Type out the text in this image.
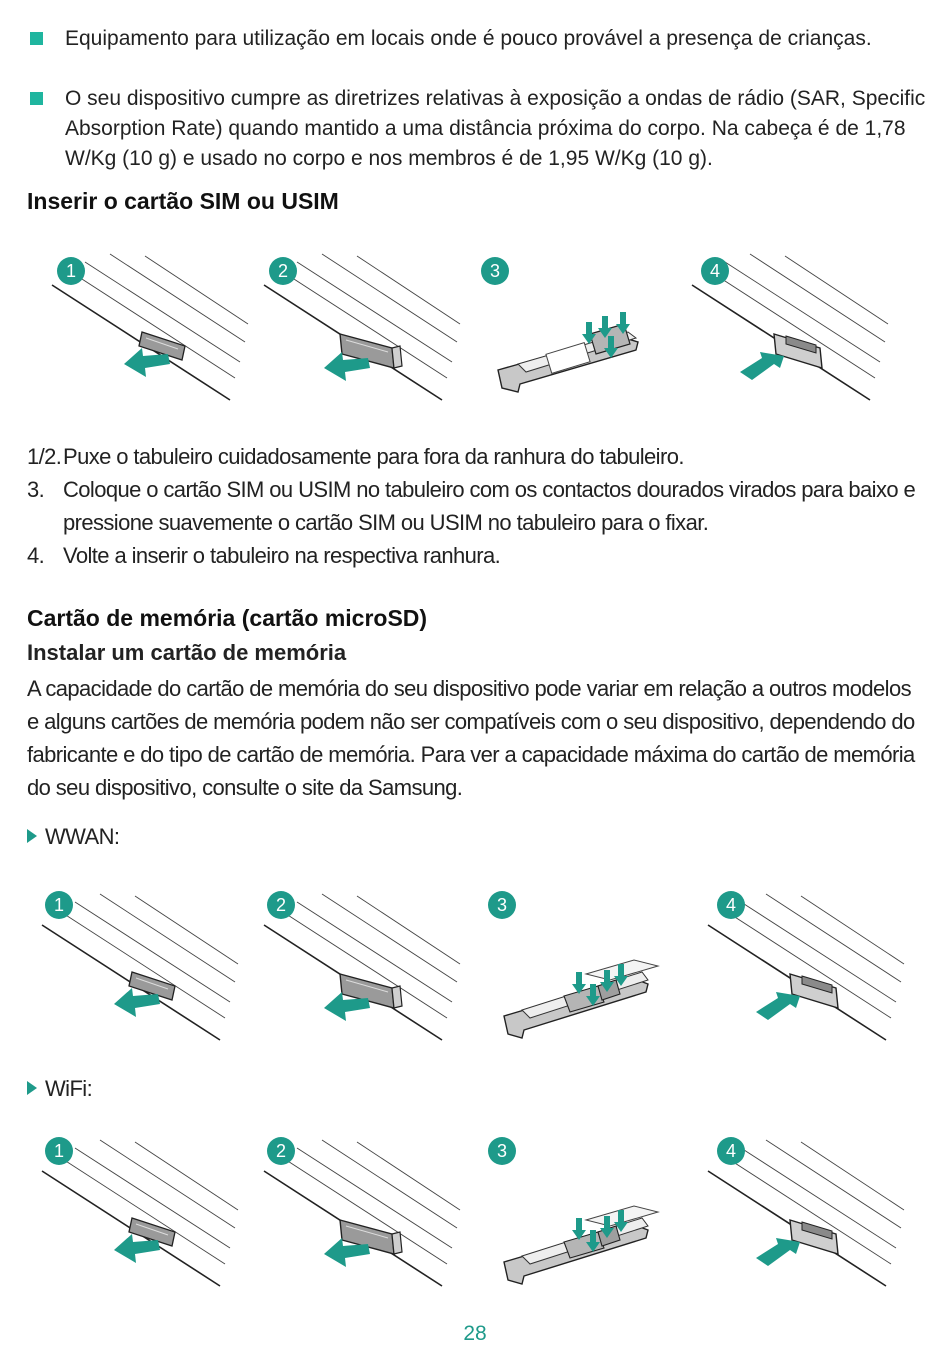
Equipamento para utilização em locais onde é pouco provável a presença de crianças.
O seu dispositivo cumpre as diretrizes relativas à exposição a ondas de rádio (SAR, Specific Absorption Rate) quando mantido a uma distância próxima do corpo. Na cabeça é de 1,78 W/Kg (10 g) e usado no corpo e nos membros é de 1,95 W/Kg (10 g).
Inserir o cartão SIM ou USIM
1	2	3	4
1/2. Puxe o tabuleiro cuidadosamente para fora da ranhura do tabuleiro.
3. Coloque o cartão SIM ou USIM no tabuleiro com os contactos dourados virados para baixo e pressione suavemente o cartão SIM ou USIM no tabuleiro para o fixar.
4. Volte a inserir o tabuleiro na respectiva ranhura.
Cartão de memória (cartão microSD)
Instalar um cartão de memória
A capacidade do cartão de memória do seu dispositivo pode variar em relação a outros modelos e alguns cartões de memória podem não ser compatíveis com o seu dispositivo, dependendo do fabricante e do tipo de cartão de memória. Para ver a capacidade máxima do cartão de memória do seu dispositivo, consulte o site da Samsung.
WWAN:
1	2	3	4
WiFi:
1	2	3	4
28
